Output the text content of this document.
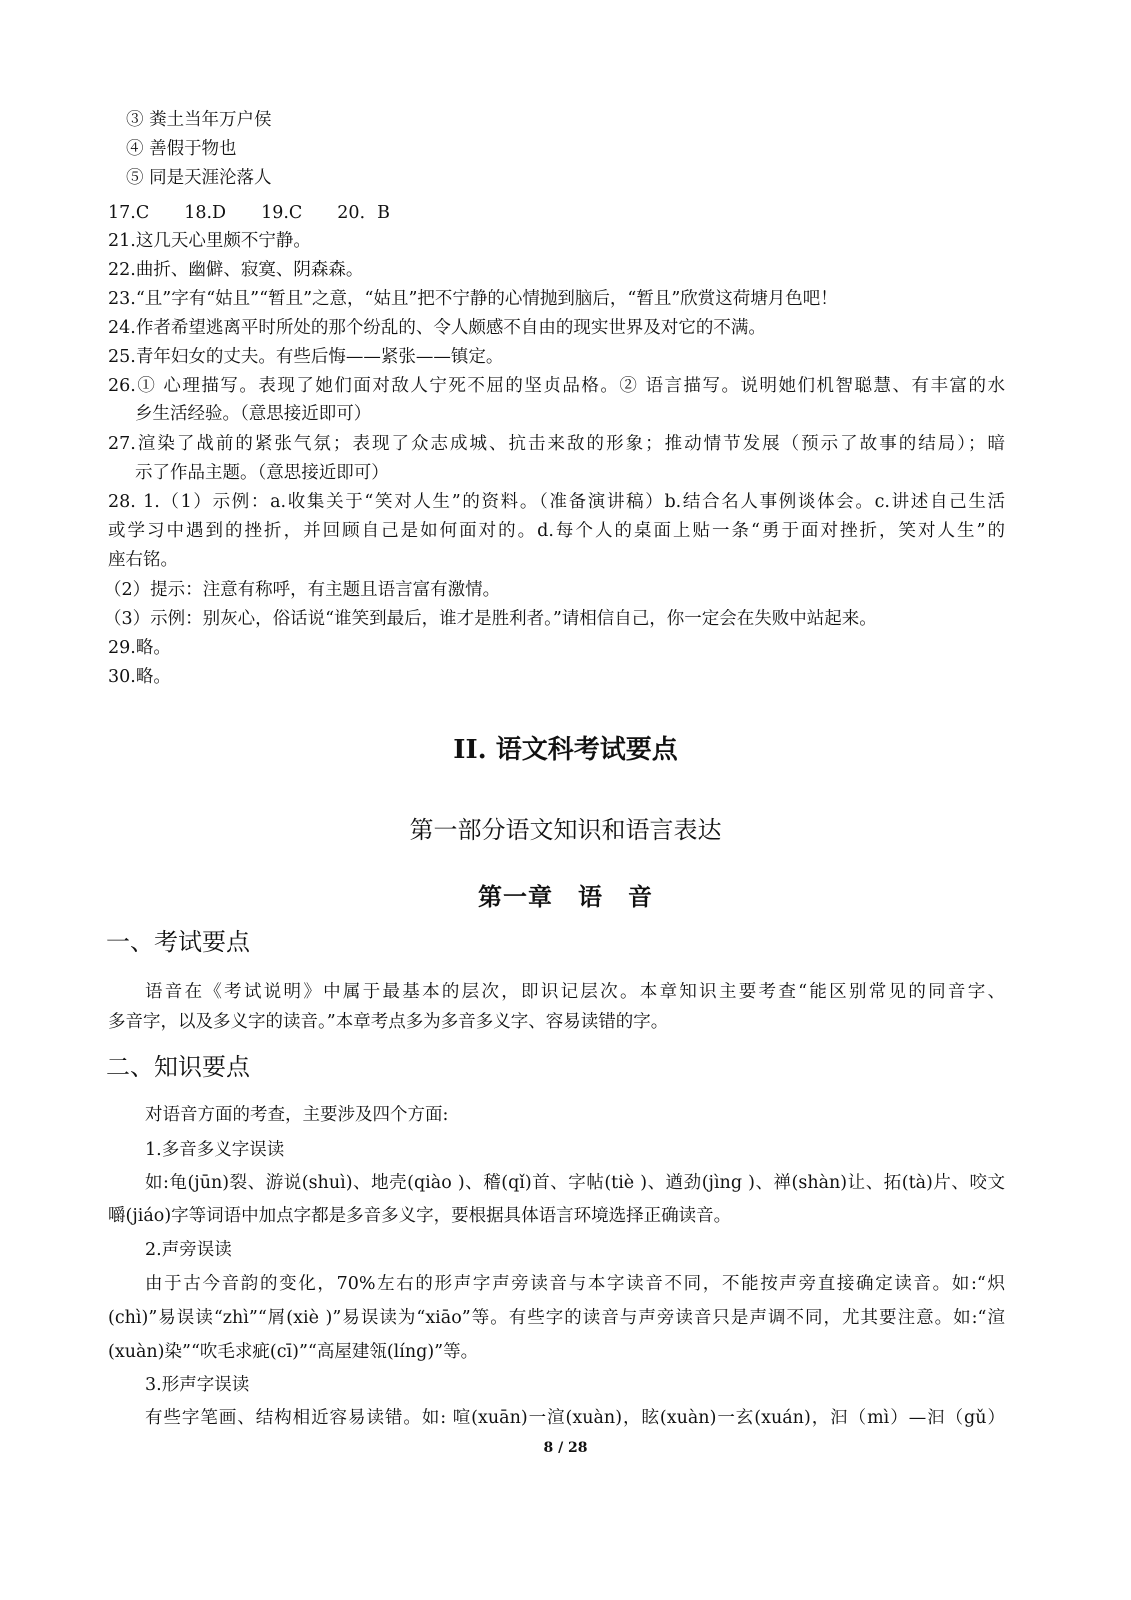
③ 粪土当年万户侯
④ 善假于物也
⑤ 同是天涯沦落人
17.C　　18.D　　19.C　　20．B
21.这几天心里颇不宁静。
22.曲折、幽僻、寂寞、阴森森。
23.“且”字有“姑且”“暂且”之意，“姑且”把不宁静的心情抛到脑后，“暂且”欣赏这荷塘月色吧！
24.作者希望逃离平时所处的那个纷乱的、令人颇感不自由的现实世界及对它的不满。
25.青年妇女的丈夫。有些后悔——紧张——镇定。
26.① 心理描写。表现了她们面对敌人宁死不屈的坚贞品格。② 语言描写。说明她们机智聪慧、有丰富的水
乡生活经验。（意思接近即可）
27.渲染了战前的紧张气氛；表现了众志成城、抗击来敌的形象；推动情节发展（预示了故事的结局）；暗
示了作品主题。（意思接近即可）
28. 1.（1）示例：a.收集关于“笑对人生”的资料。（准备演讲稿）b.结合名人事例谈体会。c.讲述自己生活
或学习中遇到的挫折，并回顾自己是如何面对的。d.每个人的桌面上贴一条“勇于面对挫折，笑对人生”的
座右铭。
（2）提示：注意有称呼，有主题且语言富有激情。
（3）示例：别灰心，俗话说“谁笑到最后，谁才是胜利者。”请相信自己，你一定会在失败中站起来。
29.略。
30.略。
II. 语文科考试要点
第一部分语文知识和语言表达
第一章　语　音
一、考试要点
语音在《考试说明》中属于最基本的层次，即识记层次。本章知识主要考查“能区别常见的同音字、
多音字，以及多义字的读音。”本章考点多为多音多义字、容易读错的字。
二、知识要点
对语音方面的考查，主要涉及四个方面:
1.多音多义字误读
如:龟(jūn)裂、游说(shuì)、地壳(qiào )、稽(qǐ)首、字帖(tiè )、遒劲(jìng )、禅(shàn)让、拓(tà)片、咬文
嚼(jiáo)字等词语中加点字都是多音多义字，要根据具体语言环境选择正确读音。
2.声旁误读
由于古今音韵的变化，70%左右的形声字声旁读音与本字读音不同，不能按声旁直接确定读音。如:“炽
(chì)”易误读“zhì”“屑(xiè )”易误读为“xiāo”等。有些字的读音与声旁读音只是声调不同，尤其要注意。如:“渲
(xuàn)染”“吹毛求疵(cī)”“高屋建瓴(líng)”等。
3.形声字误读
有些字笔画、结构相近容易读错。如: 喧(xuān)一渲(xuàn)，眩(xuàn)一玄(xuán)，汩（mì）—汩（gǔ）
8 / 28
